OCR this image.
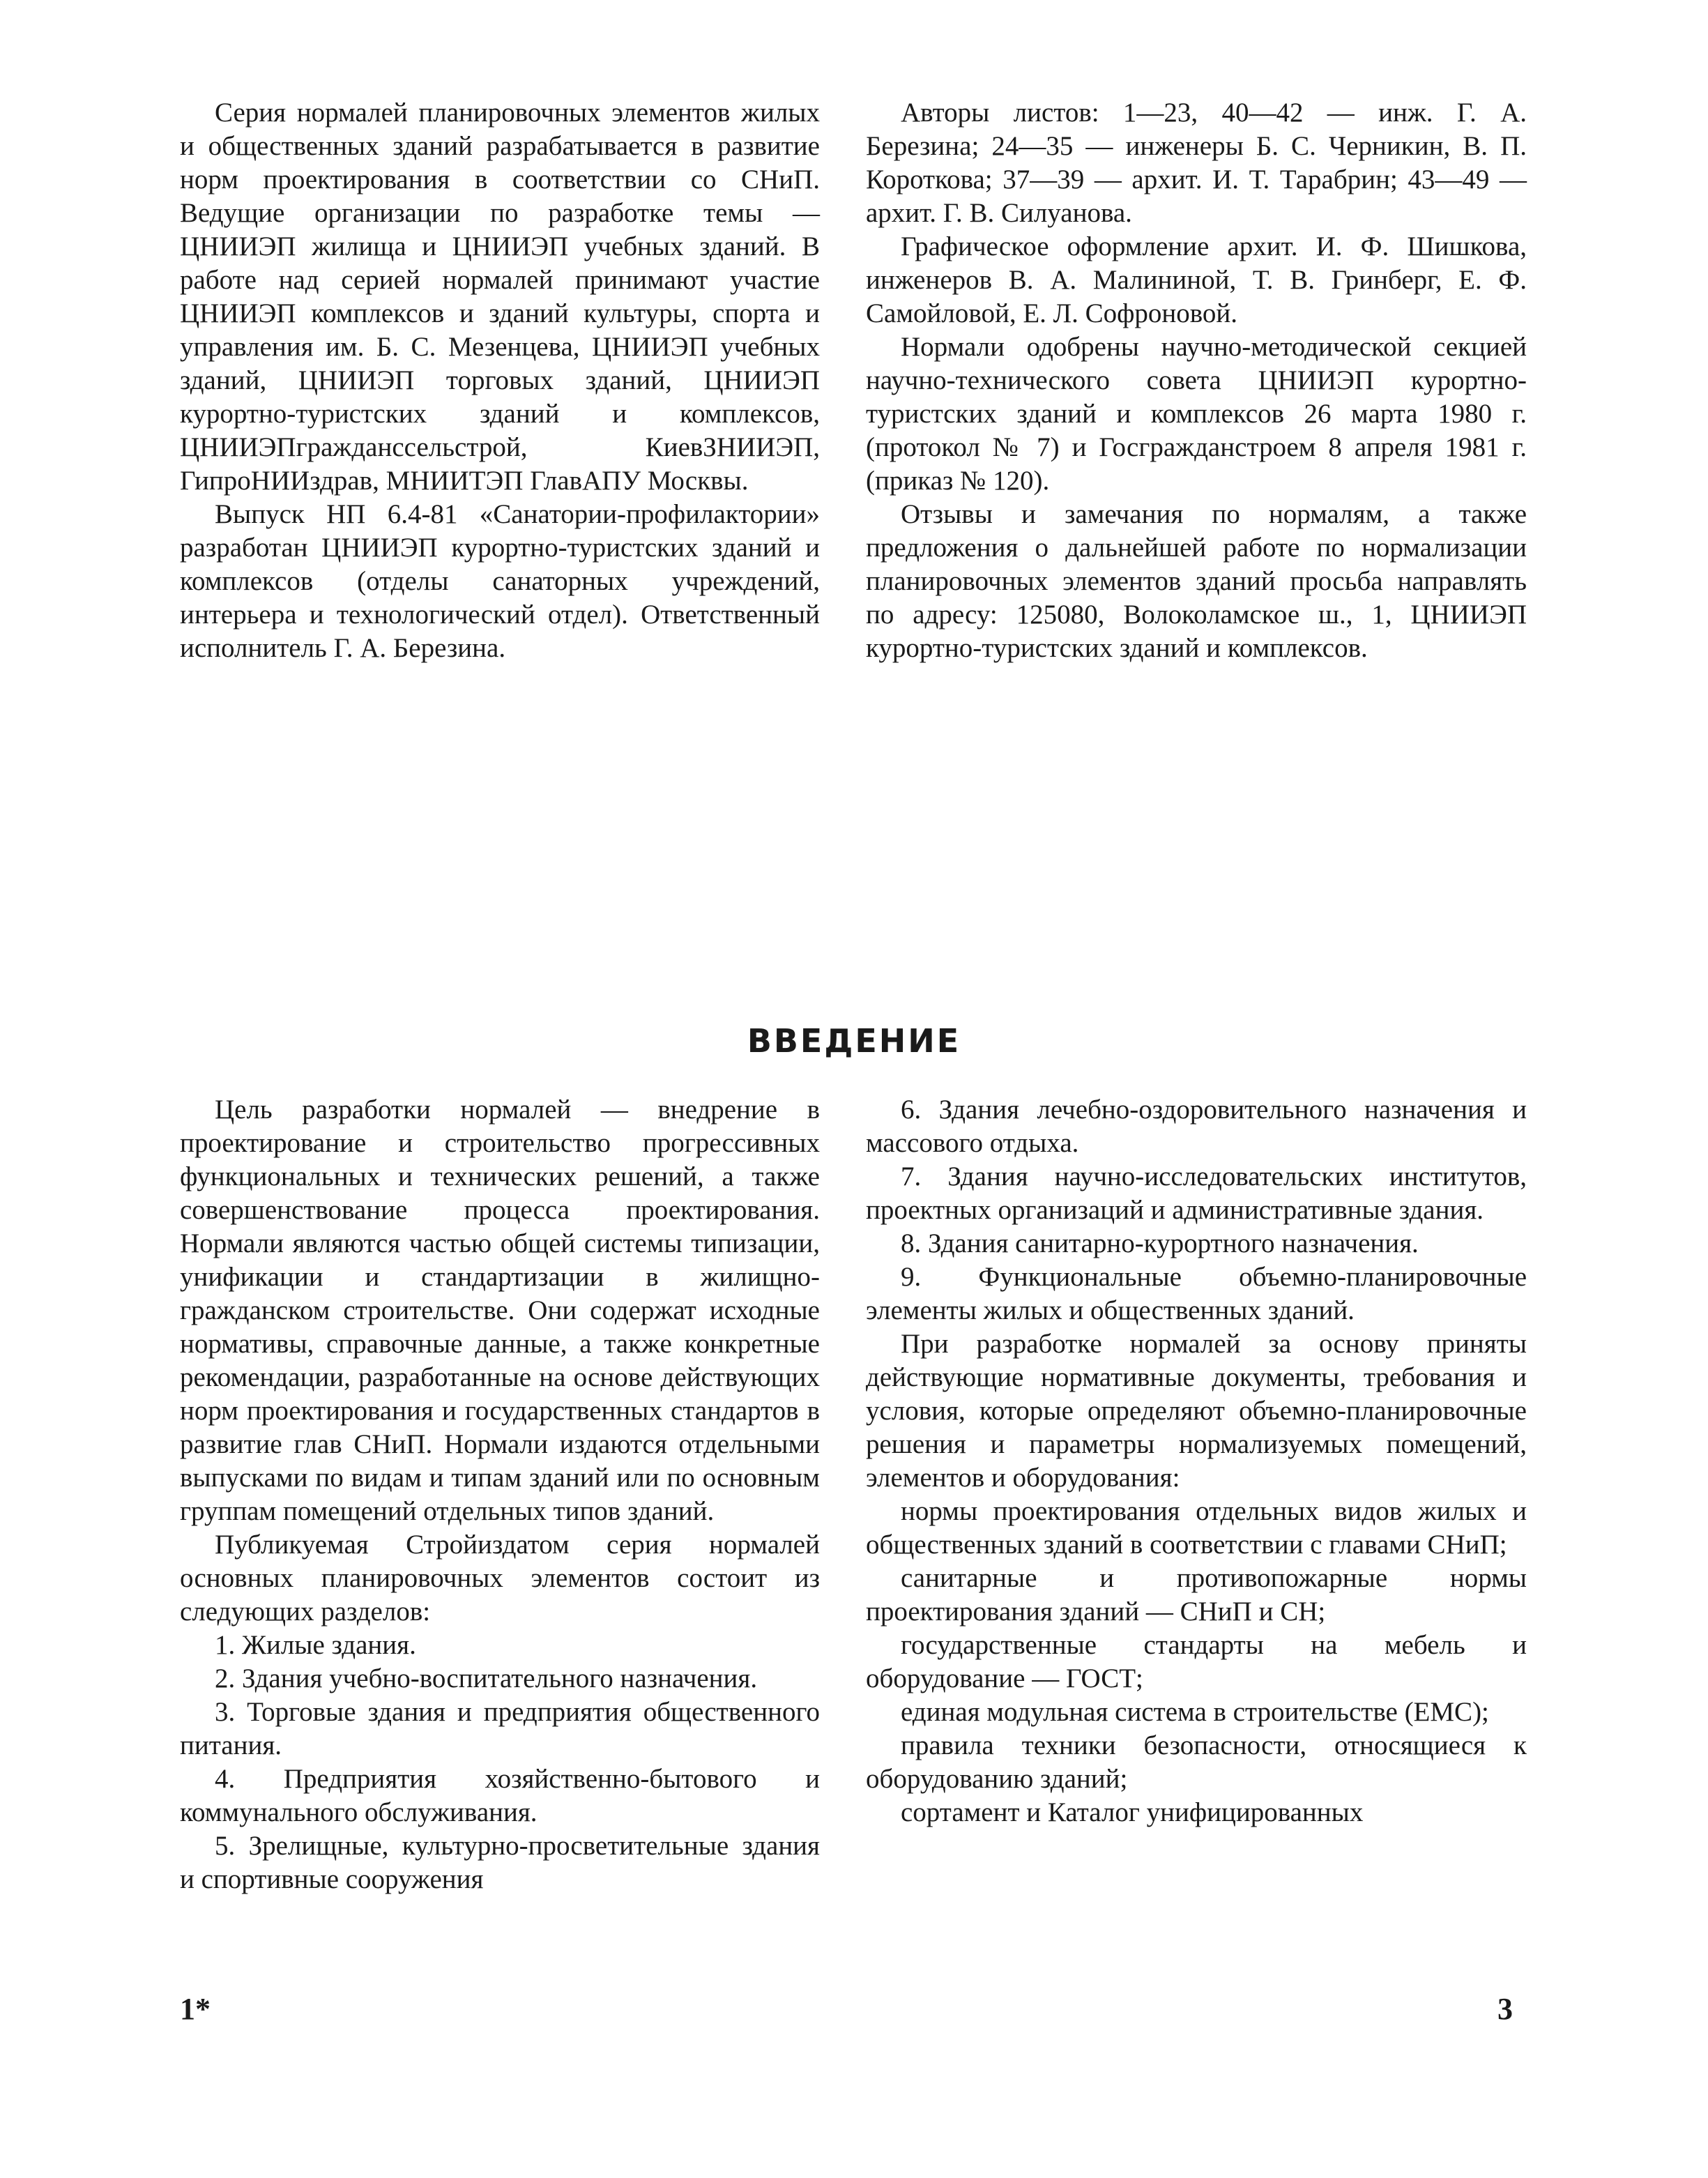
Серия нормалей планировочных элементов жилых и общественных зданий разрабатывается в развитие норм проектирования в соответствии со СНиП. Ведущие организации по разработке темы — ЦНИИЭП жилища и ЦНИИЭП учебных зданий. В работе над серией нормалей принимают участие ЦНИИЭП комплексов и зданий культуры, спорта и управления им. Б. С. Мезенцева, ЦНИИЭП учебных зданий, ЦНИИЭП торговых зданий, ЦНИИЭП курортно-туристских зданий и комплексов, ЦНИИЭПгражданссельстрой, КиевЗНИИЭП, ГипроНИИздрав, МНИИТЭП ГлавАПУ Москвы.

Выпуск НП 6.4-81 «Санатории-профилактории» разработан ЦНИИЭП курортно-туристских зданий и комплексов (отделы санаторных учреждений, интерьера и технологический отдел). Ответственный исполнитель Г. А. Березина.

Авторы листов: 1—23, 40—42 — инж. Г. А. Березина; 24—35 — инженеры Б. С. Черникин, В. П. Короткова; 37—39 — архит. И. Т. Тарабрин; 43—49 — архит. Г. В. Силуанова.

Графическое оформление архит. И. Ф. Шишкова, инженеров В. А. Малининой, Т. В. Гринберг, Е. Ф. Самойловой, Е. Л. Софроновой.

Нормали одобрены научно-методической секцией научно-технического совета ЦНИИЭП курортно-туристских зданий и комплексов 26 марта 1980 г. (протокол № 7) и Госгражданстроем 8 апреля 1981 г. (приказ № 120).

Отзывы и замечания по нормалям, а также предложения о дальнейшей работе по нормализации планировочных элементов зданий просьба направлять по адресу: 125080, Волоколамское ш., 1, ЦНИИЭП курортно-туристских зданий и комплексов.

ВВЕДЕНИЕ

Цель разработки нормалей — внедрение в проектирование и строительство прогрессивных функциональных и технических решений, а также совершенствование процесса проектирования. Нормали являются частью общей системы типизации, унификации и стандартизации в жилищно-гражданском строительстве. Они содержат исходные нормативы, справочные данные, а также конкретные рекомендации, разработанные на основе действующих норм проектирования и государственных стандартов в развитие глав СНиП. Нормали издаются отдельными выпусками по видам и типам зданий или по основным группам помещений отдельных типов зданий.

Публикуемая Стройиздатом серия нормалей основных планировочных элементов состоит из следующих разделов:

1. Жилые здания.

2. Здания учебно-воспитательного назначения.

3. Торговые здания и предприятия общественного питания.

4. Предприятия хозяйственно-бытового и коммунального обслуживания.

5. Зрелищные, культурно-просветительные здания и спортивные сооружения

6. Здания лечебно-оздоровительного назначения и массового отдыха.

7. Здания научно-исследовательских институтов, проектных организаций и административные здания.

8. Здания санитарно-курортного назначения.

9. Функциональные объемно-планировочные элементы жилых и общественных зданий.

При разработке нормалей за основу приняты действующие нормативные документы, требования и условия, которые определяют объемно-планировочные решения и параметры нормализуемых помещений, элементов и оборудования:

нормы проектирования отдельных видов жилых и общественных зданий в соответствии с главами СНиП;

санитарные и противопожарные нормы проектирования зданий — СНиП и СН;

государственные стандарты на мебель и оборудование — ГОСТ;

единая модульная система в строительстве (ЕМС);

правила техники безопасности, относящиеся к оборудованию зданий;

сортамент и Каталог унифицированных

1*	3
